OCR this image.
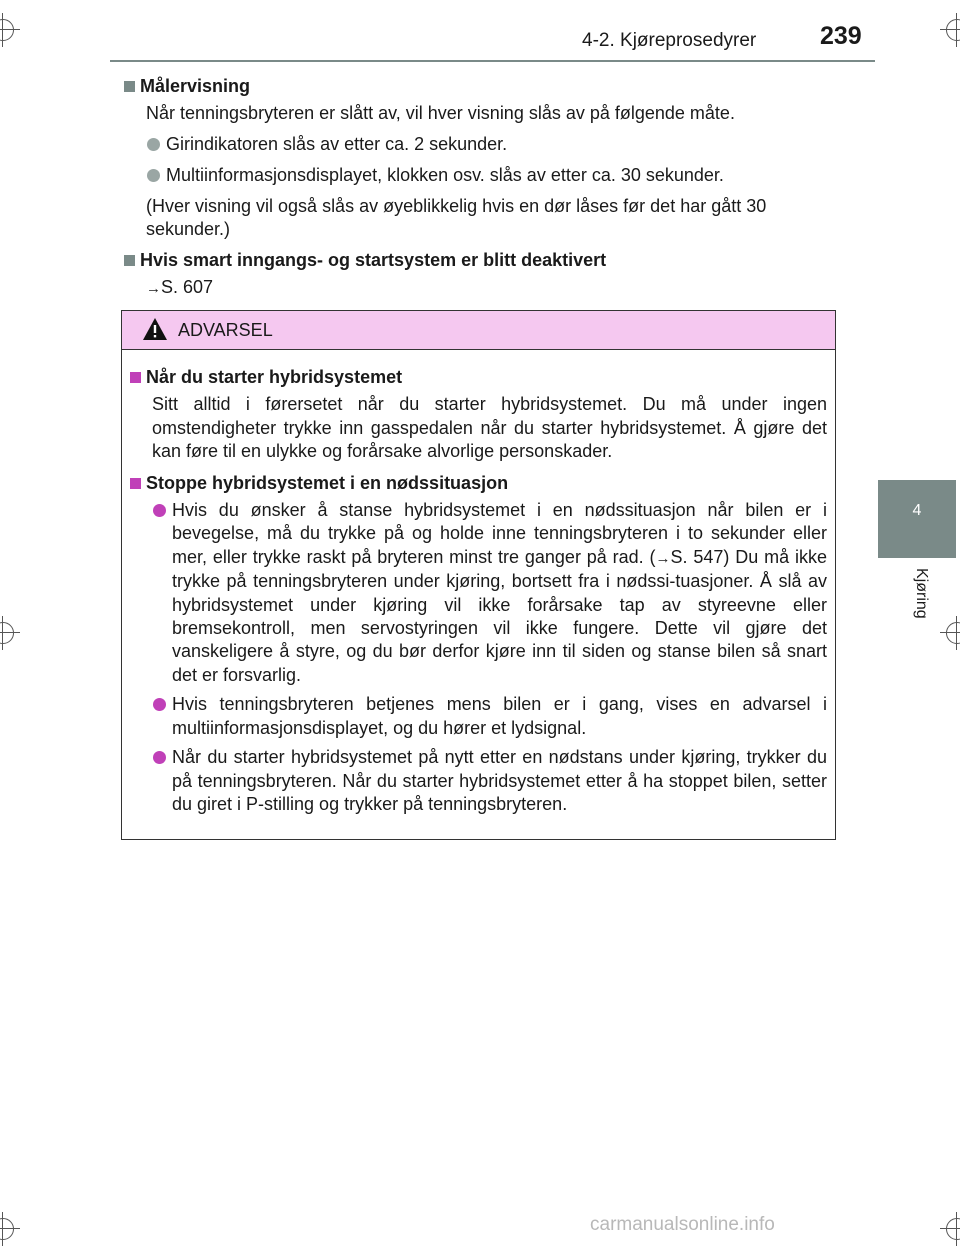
4-2. Kjøreprosedyrer	239
4
Kjøring
Målervisning
Når tenningsbryteren er slått av, vil hver visning slås av på følgende måte.
Girindikatoren slås av etter ca. 2 sekunder.
Multiinformasjonsdisplayet, klokken osv. slås av etter ca. 30 sekunder.
(Hver visning vil også slås av øyeblikkelig hvis en dør låses før det har gått 30 sekunder.)
Hvis smart inngangs- og startsystem er blitt deaktivert
→S. 607
ADVARSEL
Når du starter hybridsystemet
Sitt alltid i førersetet når du starter hybridsystemet. Du må under ingen omstendigheter trykke inn gasspedalen når du starter hybridsystemet. Å gjøre det kan føre til en ulykke og forårsake alvorlige personskader.
Stoppe hybridsystemet i en nødssituasjon
Hvis du ønsker å stanse hybridsystemet i en nødssituasjon når bilen er i bevegelse, må du trykke på og holde inne tenningsbryteren i to sekunder eller mer, eller trykke raskt på bryteren minst tre ganger på rad. (→S. 547) Du må ikke trykke på tenningsbryteren under kjøring, bortsett fra i nødssi-tuasjoner. Å slå av hybridsystemet under kjøring vil ikke forårsake tap av styreevne eller bremsekontroll, men servostyringen vil ikke fungere. Dette vil gjøre det vanskeligere å styre, og du bør derfor kjøre inn til siden og stanse bilen så snart det er forsvarlig.
Hvis tenningsbryteren betjenes mens bilen er i gang, vises en advarsel i multiinformasjonsdisplayet, og du hører et lydsignal.
Når du starter hybridsystemet på nytt etter en nødstans under kjøring, trykker du på tenningsbryteren. Når du starter hybridsystemet etter å ha stoppet bilen, setter du giret i P-stilling og trykker på tenningsbryteren.
carmanualsonline.info
